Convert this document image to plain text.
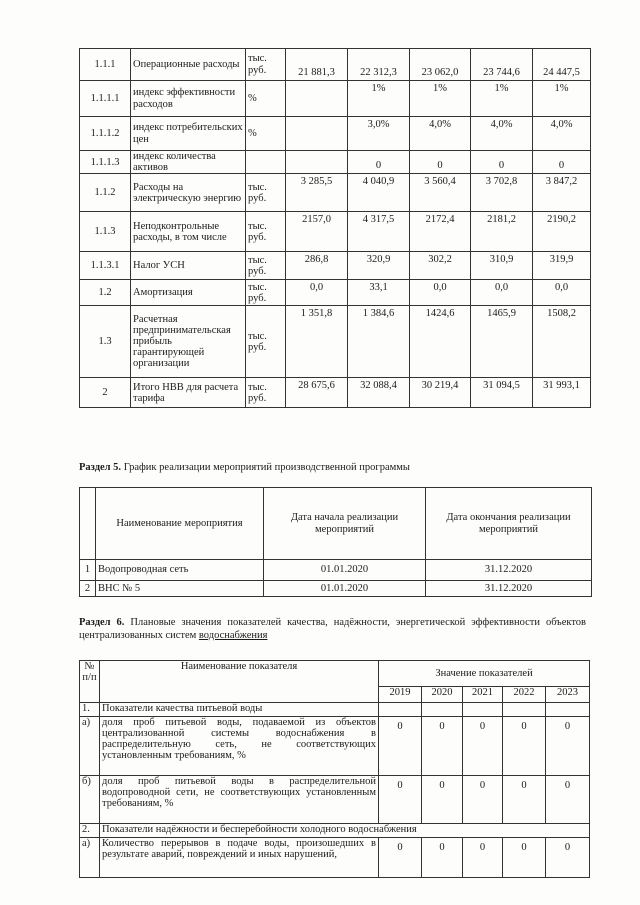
1.1.1	Операционные расходы	тыс. руб.	21 881,3	22 312,3	23 062,0	23 744,6	24 447,5
1.1.1.1	индекс эффективности расходов	%		1%	1%	1%	1%
1.1.1.2	индекс потребительских цен	%		3,0%	4,0%	4,0%	4,0%
1.1.1.3	индекс количества активов			0	0	0	0
1.1.2	Расходы на электрическую энергию	тыс. руб.	3 285,5	4 040,9	3 560,4	3 702,8	3 847,2
1.1.3	Неподконтрольные расходы, в том числе	тыс. руб.	2157,0	4 317,5	2172,4	2181,2	2190,2
1.1.3.1	Налог УСН	тыс. руб.	286,8	320,9	302,2	310,9	319,9
1.2	Амортизация	тыс. руб.	0,0	33,1	0,0	0,0	0,0
1.3	Расчетная предпринимательская прибыль гарантирующей организации	тыс. руб.	1 351,8	1 384,6	1424,6	1465,9	1508,2
2	Итого НВВ для расчета тарифа	тыс. руб.	28 675,6	32 088,4	30 219,4	31 094,5	31 993,1
Раздел 5. График реализации мероприятий производственной программы
	Наименование мероприятия	Дата начала реализации мероприятий	Дата окончания реализации мероприятий
1	Водопроводная сеть	01.01.2020	31.12.2020
2	ВНС № 5	01.01.2020	31.12.2020
Раздел 6. Плановые значения показателей качества, надёжности, энергетической эффективности объектов централизованных систем водоснабжения
№ п/п	Наименование показателя	Значение показателей				
		2019	2020	2021	2022	2023
1.	Показатели качества питьевой воды					
а)	доля проб питьевой воды, подаваемой из объектов централизованной системы водоснабжения в распределительную сеть, не соответствующих установленным требованиям, %	0	0	0	0	0
б)	доля проб питьевой воды в распределительной водопроводной сети, не соответствующих установленным требованиям, %	0	0	0	0	0
2.	Показатели надёжности и бесперебойности холодного водоснабжения					
а)	Количество перерывов в подаче воды, произошедших в результате аварий, повреждений и иных нарушений,	0	0	0	0	0
